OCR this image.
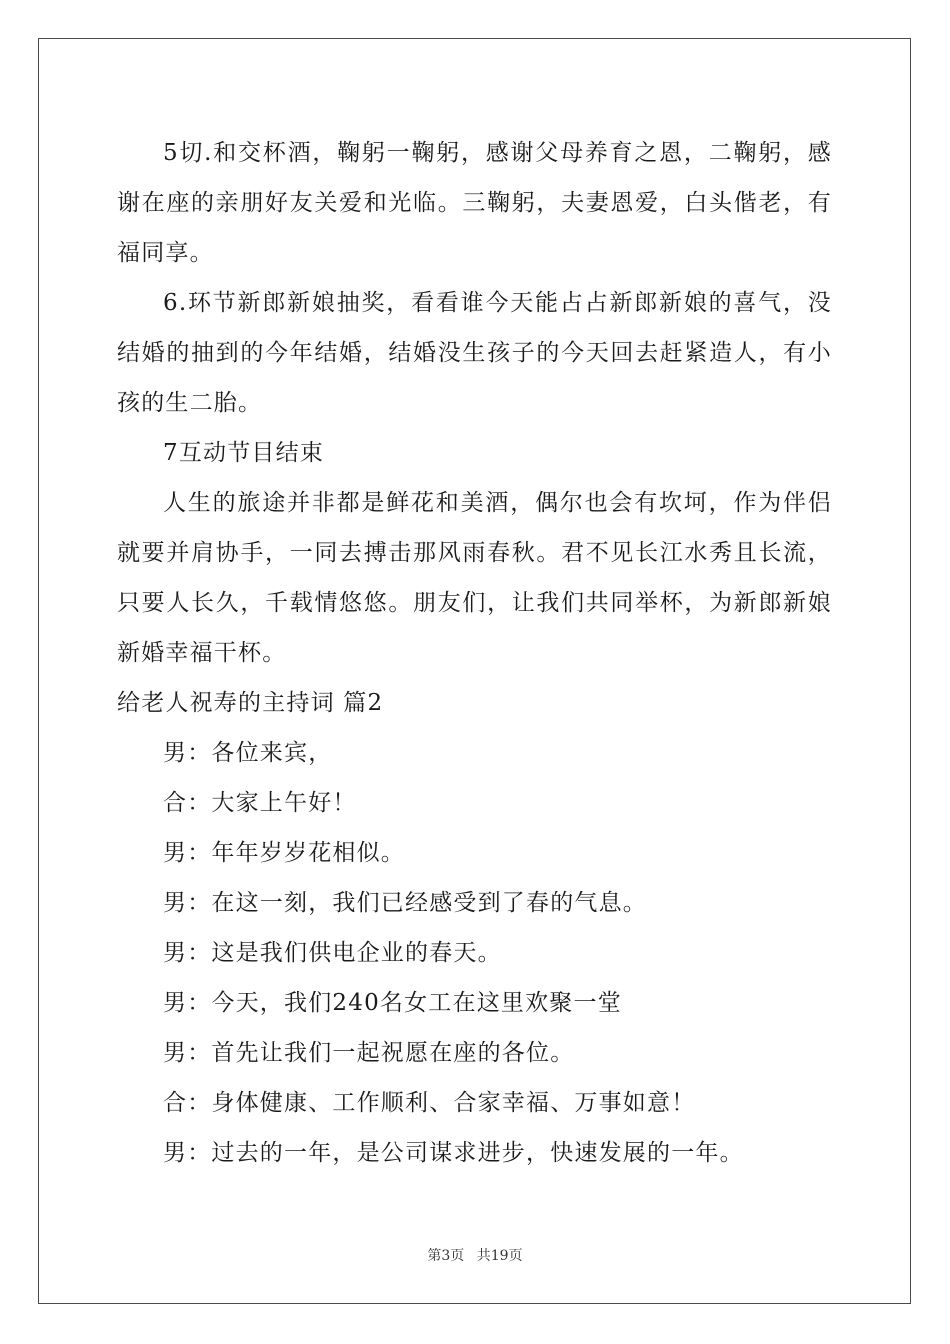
5切.和交杯酒，鞠躬一鞠躬，感谢父母养育之恩，二鞠躬，感谢在座的亲朋好友关爱和光临。三鞠躬，夫妻恩爱，白头偕老，有福同享。

6.环节新郎新娘抽奖，看看谁今天能占占新郎新娘的喜气，没结婚的抽到的今年结婚，结婚没生孩子的今天回去赶紧造人，有小孩的生二胎。

7互动节目结束

人生的旅途并非都是鲜花和美酒，偶尔也会有坎坷，作为伴侣就要并肩协手，一同去搏击那风雨春秋。君不见长江水秀且长流，只要人长久，千载情悠悠。朋友们，让我们共同举杯，为新郎新娘新婚幸福干杯。

给老人祝寿的主持词 篇2

男：各位来宾，

合：大家上午好！

男：年年岁岁花相似。

男：在这一刻，我们已经感受到了春的气息。

男：这是我们供电企业的春天。

男：今天，我们240名女工在这里欢聚一堂

男：首先让我们一起祝愿在座的各位。

合：身体健康、工作顺利、合家幸福、万事如意！

男：过去的一年，是公司谋求进步，快速发展的一年。

第3页 共19页
